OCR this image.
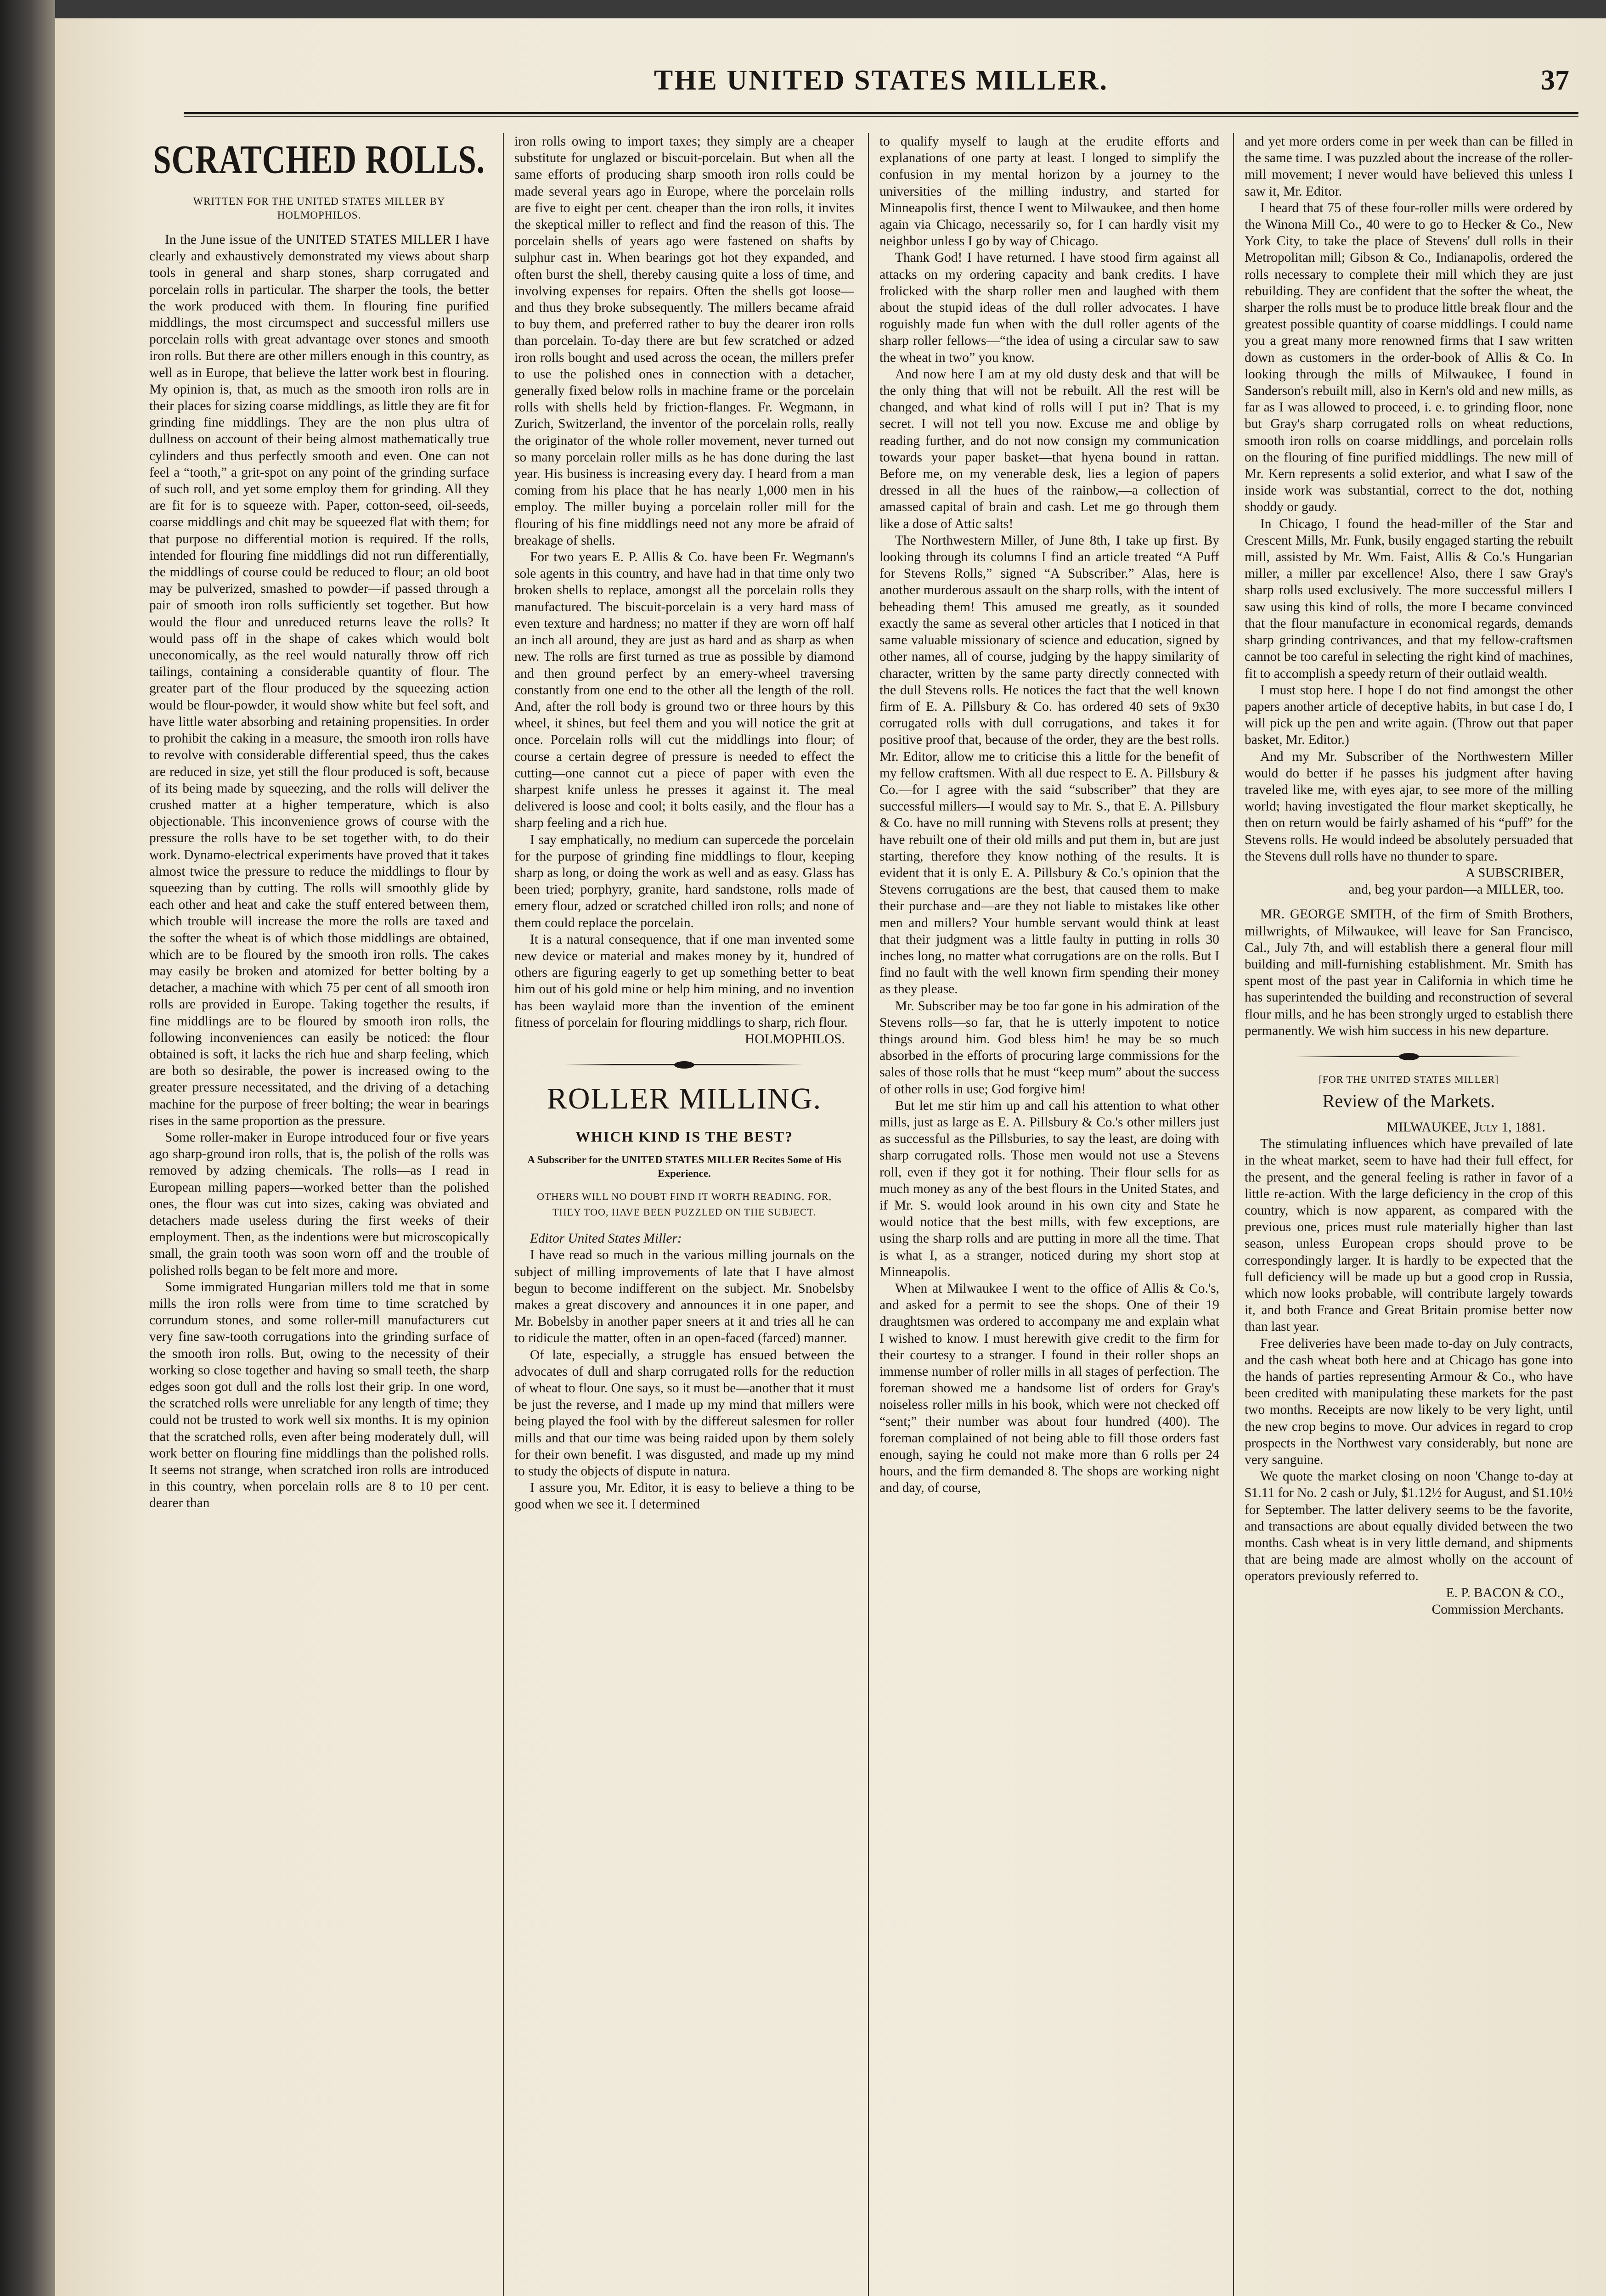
THE UNITED STATES MILLER.	37
SCRATCHED ROLLS.
WRITTEN FOR THE UNITED STATES MILLER BY HOLMOPHILOS.

In the June issue of the UNITED STATES MILLER I have clearly and exhaustively demonstrated my views about sharp tools in general and sharp stones, sharp corrugated and porcelain rolls in particular. The sharper the tools, the better the work produced with them. In flouring fine purified middlings, the most circumspect and successful millers use porcelain rolls with great advantage over stones and smooth iron rolls. But there are other millers enough in this country, as well as in Europe, that believe the latter work best in flouring. My opinion is, that, as much as the smooth iron rolls are in their places for sizing coarse middlings, as little they are fit for grinding fine middlings. They are the non plus ultra of dullness on account of their being almost mathematically true cylinders and thus perfectly smooth and even. One can not feel a “tooth,” a grit-spot on any point of the grinding surface of such roll, and yet some employ them for grinding. All they are fit for is to squeeze with. Paper, cotton-seed, oil-seeds, coarse middlings and chit may be squeezed flat with them; for that purpose no differential motion is required. If the rolls, intended for flouring fine middlings did not run differentially, the middlings of course could be reduced to flour; an old boot may be pulverized, smashed to powder—if passed through a pair of smooth iron rolls sufficiently set together. But how would the flour and unreduced returns leave the rolls? It would pass off in the shape of cakes which would bolt uneconomically, as the reel would naturally throw off rich tailings, containing a considerable quantity of flour. The greater part of the flour produced by the squeezing action would be flour-powder, it would show white but feel soft, and have little water absorbing and retaining propensities. In order to prohibit the caking in a measure, the smooth iron rolls have to revolve with considerable differential speed, thus the cakes are reduced in size, yet still the flour produced is soft, because of its being made by squeezing, and the rolls will deliver the crushed matter at a higher temperature, which is also objectionable. This inconvenience grows of course with the pressure the rolls have to be set together with, to do their work. Dynamo-electrical experiments have proved that it takes almost twice the pressure to reduce the middlings to flour by squeezing than by cutting. The rolls will smoothly glide by each other and heat and cake the stuff entered between them, which trouble will increase the more the rolls are taxed and the softer the wheat is of which those middlings are obtained, which are to be floured by the smooth iron rolls. The cakes may easily be broken and atomized for better bolting by a detacher, a machine with which 75 per cent of all smooth iron rolls are provided in Europe. Taking together the results, if fine middlings are to be floured by smooth iron rolls, the following inconveniences can easily be noticed: the flour obtained is soft, it lacks the rich hue and sharp feeling, which are both so desirable, the power is increased owing to the greater pressure necessitated, and the driving of a detaching machine for the purpose of freer bolting; the wear in bearings rises in the same proportion as the pressure.

Some roller-maker in Europe introduced four or five years ago sharp-ground iron rolls, that is, the polish of the rolls was removed by adzing chemicals. The rolls—as I read in European milling papers—worked better than the polished ones, the flour was cut into sizes, caking was obviated and detachers made useless during the first weeks of their employment. Then, as the indentions were but microscopically small, the grain tooth was soon worn off and the trouble of polished rolls began to be felt more and more.

Some immigrated Hungarian millers told me that in some mills the iron rolls were from time to time scratched by corrundum stones, and some roller-mill manufacturers cut very fine saw-tooth corrugations into the grinding surface of the smooth iron rolls. But, owing to the necessity of their working so close together and having so small teeth, the sharp edges soon got dull and the rolls lost their grip. In one word, the scratched rolls were unreliable for any length of time; they could not be trusted to work well six months. It is my opinion that the scratched rolls, even after being moderately dull, will work better on flouring fine middlings than the polished rolls. It seems not strange, when scratched iron rolls are introduced in this country, when porcelain rolls are 8 to 10 per cent. dearer than

iron rolls owing to import taxes; they simply are a cheaper substitute for unglazed or biscuit-porcelain. But when all the same efforts of producing sharp smooth iron rolls could be made several years ago in Europe, where the porcelain rolls are five to eight per cent. cheaper than the iron rolls, it invites the skeptical miller to reflect and find the reason of this. The porcelain shells of years ago were fastened on shafts by sulphur cast in. When bearings got hot they expanded, and often burst the shell, thereby causing quite a loss of time, and involving expenses for repairs. Often the shells got loose—and thus they broke subsequently. The millers became afraid to buy them, and preferred rather to buy the dearer iron rolls than porcelain. To-day there are but few scratched or adzed iron rolls bought and used across the ocean, the millers prefer to use the polished ones in connection with a detacher, generally fixed below rolls in machine frame or the porcelain rolls with shells held by friction-flanges. Fr. Wegmann, in Zurich, Switzerland, the inventor of the porcelain rolls, really the originator of the whole roller movement, never turned out so many porcelain roller mills as he has done during the last year. His business is increasing every day. I heard from a man coming from his place that he has nearly 1,000 men in his employ. The miller buying a porcelain roller mill for the flouring of his fine middlings need not any more be afraid of breakage of shells.

For two years E. P. Allis & Co. have been Fr. Wegmann's sole agents in this country, and have had in that time only two broken shells to replace, amongst all the porcelain rolls they manufactured. The biscuit-porcelain is a very hard mass of even texture and hardness; no matter if they are worn off half an inch all around, they are just as hard and as sharp as when new. The rolls are first turned as true as possible by diamond and then ground perfect by an emery-wheel traversing constantly from one end to the other all the length of the roll. And, after the roll body is ground two or three hours by this wheel, it shines, but feel them and you will notice the grit at once. Porcelain rolls will cut the middlings into flour; of course a certain degree of pressure is needed to effect the cutting—one cannot cut a piece of paper with even the sharpest knife unless he presses it against it. The meal delivered is loose and cool; it bolts easily, and the flour has a sharp feeling and a rich hue.

I say emphatically, no medium can supercede the porcelain for the purpose of grinding fine middlings to flour, keeping sharp as long, or doing the work as well and as easy. Glass has been tried; porphyry, granite, hard sandstone, rolls made of emery flour, adzed or scratched chilled iron rolls; and none of them could replace the porcelain.

It is a natural consequence, that if one man invented some new device or material and makes money by it, hundred of others are figuring eagerly to get up something better to beat him out of his gold mine or help him mining, and no invention has been waylaid more than the invention of the eminent fitness of porcelain for flouring middlings to sharp, rich flour.

HOLMOPHILOS.

ROLLER MILLING.
WHICH KIND IS THE BEST?
A Subscriber for the UNITED STATES MILLER Recites Some of His Experience.
OTHERS WILL NO DOUBT FIND IT WORTH READING, FOR, THEY TOO, HAVE BEEN PUZZLED ON THE SUBJECT.

Editor United States Miller:

I have read so much in the various milling journals on the subject of milling improvements of late that I have almost begun to become indifferent on the subject. Mr. Snobelsby makes a great discovery and announces it in one paper, and Mr. Bobelsby in another paper sneers at it and tries all he can to ridicule the matter, often in an open-faced (farced) manner.

Of late, especially, a struggle has ensued between the advocates of dull and sharp corrugated rolls for the reduction of wheat to flour. One says, so it must be—another that it must be just the reverse, and I made up my mind that millers were being played the fool with by the differeut salesmen for roller mills and that our time was being raided upon by them solely for their own benefit. I was disgusted, and made up my mind to study the objects of dispute in natura.

I assure you, Mr. Editor, it is easy to believe a thing to be good when we see it. I determined

to qualify myself to laugh at the erudite efforts and explanations of one party at least. I longed to simplify the confusion in my mental horizon by a journey to the universities of the milling industry, and started for Minneapolis first, thence I went to Milwaukee, and then home again via Chicago, necessarily so, for I can hardly visit my neighbor unless I go by way of Chicago.

Thank God! I have returned. I have stood firm against all attacks on my ordering capacity and bank credits. I have frolicked with the sharp roller men and laughed with them about the stupid ideas of the dull roller advocates. I have roguishly made fun when with the dull roller agents of the sharp roller fellows—“the idea of using a circular saw to saw the wheat in two” you know.

And now here I am at my old dusty desk and that will be the only thing that will not be rebuilt. All the rest will be changed, and what kind of rolls will I put in? That is my secret. I will not tell you now. Excuse me and oblige by reading further, and do not now consign my communication towards your paper basket—that hyena bound in rattan. Before me, on my venerable desk, lies a legion of papers dressed in all the hues of the rainbow,—a collection of amassed capital of brain and cash. Let me go through them like a dose of Attic salts!

The Northwestern Miller, of June 8th, I take up first. By looking through its columns I find an article treated “A Puff for Stevens Rolls,” signed “A Subscriber.” Alas, here is another murderous assault on the sharp rolls, with the intent of beheading them! This amused me greatly, as it sounded exactly the same as several other articles that I noticed in that same valuable missionary of science and education, signed by other names, all of course, judging by the happy similarity of character, written by the same party directly connected with the dull Stevens rolls. He notices the fact that the well known firm of E. A. Pillsbury & Co. has ordered 40 sets of 9x30 corrugated rolls with dull corrugations, and takes it for positive proof that, because of the order, they are the best rolls. Mr. Editor, allow me to criticise this a little for the benefit of my fellow craftsmen. With all due respect to E. A. Pillsbury & Co.—for I agree with the said “subscriber” that they are successful millers—I would say to Mr. S., that E. A. Pillsbury & Co. have no mill running with Stevens rolls at present; they have rebuilt one of their old mills and put them in, but are just starting, therefore they know nothing of the results. It is evident that it is only E. A. Pillsbury & Co.'s opinion that the Stevens corrugations are the best, that caused them to make their purchase and—are they not liable to mistakes like other men and millers? Your humble servant would think at least that their judgment was a little faulty in putting in rolls 30 inches long, no matter what corrugations are on the rolls. But I find no fault with the well known firm spending their money as they please.

Mr. Subscriber may be too far gone in his admiration of the Stevens rolls—so far, that he is utterly impotent to notice things around him. God bless him! he may be so much absorbed in the efforts of procuring large commissions for the sales of those rolls that he must “keep mum” about the success of other rolls in use; God forgive him!

But let me stir him up and call his attention to what other mills, just as large as E. A. Pillsbury & Co.'s other millers just as successful as the Pillsburies, to say the least, are doing with sharp corrugated rolls. Those men would not use a Stevens roll, even if they got it for nothing. Their flour sells for as much money as any of the best flours in the United States, and if Mr. S. would look around in his own city and State he would notice that the best mills, with few exceptions, are using the sharp rolls and are putting in more all the time. That is what I, as a stranger, noticed during my short stop at Minneapolis.

When at Milwaukee I went to the office of Allis & Co.'s, and asked for a permit to see the shops. One of their 19 draughtsmen was ordered to accompany me and explain what I wished to know. I must herewith give credit to the firm for their courtesy to a stranger. I found in their roller shops an immense number of roller mills in all stages of perfection. The foreman showed me a handsome list of orders for Gray's noiseless roller mills in his book, which were not checked off “sent;” their number was about four hundred (400). The foreman complained of not being able to fill those orders fast enough, saying he could not make more than 6 rolls per 24 hours, and the firm demanded 8. The shops are working night and day, of course,

and yet more orders come in per week than can be filled in the same time. I was puzzled about the increase of the roller-mill movement; I never would have believed this unless I saw it, Mr. Editor.

I heard that 75 of these four-roller mills were ordered by the Winona Mill Co., 40 were to go to Hecker & Co., New York City, to take the place of Stevens' dull rolls in their Metropolitan mill; Gibson & Co., Indianapolis, ordered the rolls necessary to complete their mill which they are just rebuilding. They are confident that the softer the wheat, the sharper the rolls must be to produce little break flour and the greatest possible quantity of coarse middlings. I could name you a great many more renowned firms that I saw written down as customers in the order-book of Allis & Co. In looking through the mills of Milwaukee, I found in Sanderson's rebuilt mill, also in Kern's old and new mills, as far as I was allowed to proceed, i. e. to grinding floor, none but Gray's sharp corrugated rolls on wheat reductions, smooth iron rolls on coarse middlings, and porcelain rolls on the flouring of fine purified middlings. The new mill of Mr. Kern represents a solid exterior, and what I saw of the inside work was substantial, correct to the dot, nothing shoddy or gaudy.

In Chicago, I found the head-miller of the Star and Crescent Mills, Mr. Funk, busily engaged starting the rebuilt mill, assisted by Mr. Wm. Faist, Allis & Co.'s Hungarian miller, a miller par excellence! Also, there I saw Gray's sharp rolls used exclusively. The more successful millers I saw using this kind of rolls, the more I became convinced that the flour manufacture in economical regards, demands sharp grinding contrivances, and that my fellow-craftsmen cannot be too careful in selecting the right kind of machines, fit to accomplish a speedy return of their outlaid wealth.

I must stop here. I hope I do not find amongst the other papers another article of deceptive habits, in but case I do, I will pick up the pen and write again. (Throw out that paper basket, Mr. Editor.)

And my Mr. Subscriber of the Northwestern Miller would do better if he passes his judgment after having traveled like me, with eyes ajar, to see more of the milling world; having investigated the flour market skeptically, he then on return would be fairly ashamed of his “puff” for the Stevens rolls. He would indeed be absolutely persuaded that the Stevens dull rolls have no thunder to spare.

A SUBSCRIBER,

and, beg your pardon—a MILLER, too.

MR. GEORGE SMITH, of the firm of Smith Brothers, millwrights, of Milwaukee, will leave for San Francisco, Cal., July 7th, and will establish there a general flour mill building and mill-furnishing establishment. Mr. Smith has spent most of the past year in California in which time he has superintended the building and reconstruction of several flour mills, and he has been strongly urged to establish there permanently. We wish him success in his new departure.

[FOR THE UNITED STATES MILLER]
Review of the Markets.

MILWAUKEE, July 1, 1881.

The stimulating influences which have prevailed of late in the wheat market, seem to have had their full effect, for the present, and the general feeling is rather in favor of a little re-action. With the large deficiency in the crop of this country, which is now apparent, as compared with the previous one, prices must rule materially higher than last season, unless European crops should prove to be correspondingly larger. It is hardly to be expected that the full deficiency will be made up but a good crop in Russia, which now looks probable, will contribute largely towards it, and both France and Great Britain promise better now than last year.

Free deliveries have been made to-day on July contracts, and the cash wheat both here and at Chicago has gone into the hands of parties representing Armour & Co., who have been credited with manipulating these markets for the past two months. Receipts are now likely to be very light, until the new crop begins to move. Our advices in regard to crop prospects in the Northwest vary considerably, but none are very sanguine.

We quote the market closing on noon 'Change to-day at $1.11 for No. 2 cash or July, $1.12½ for August, and $1.10½ for September. The latter delivery seems to be the favorite, and transactions are about equally divided between the two months. Cash wheat is in very little demand, and shipments that are being made are almost wholly on the account of operators previously referred to.

E. P. BACON & CO.,

Commission Merchants.
